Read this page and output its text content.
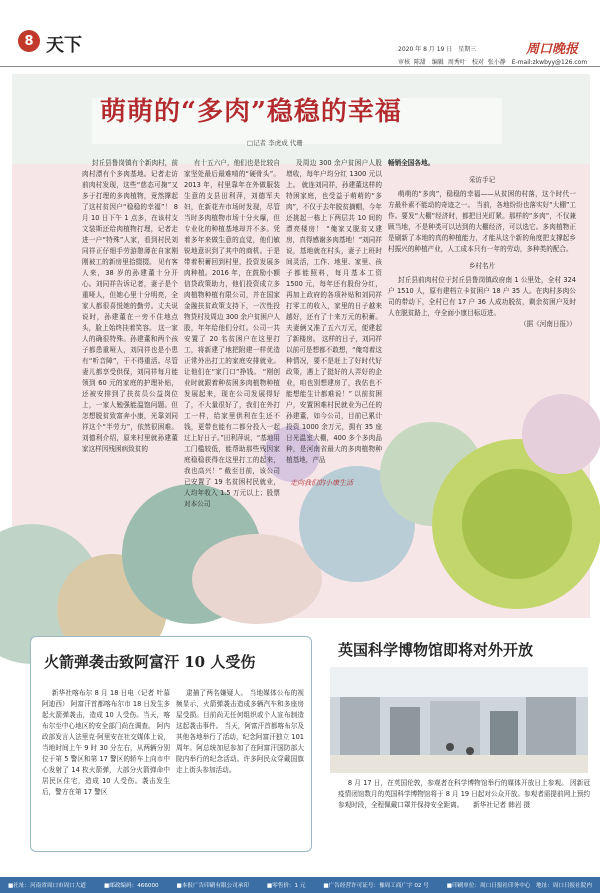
8 天下	2020 年 8 月 19 日　星期三	周口晚报
审核 陈甜　编辑 周秀叶　校对 张小静　E-mail:zkwbyy@126.com
走向我们的小康生活
萌萌的“多肉”稳稳的幸福
□记者 李虎成 代珊
封丘县鲁岗镇有个新肉村，前肉村漂有个多肉基地。记者走访前肉村发现，这些“慈态可掬”又多于打理的多肉植物，竟然撑起了这村贫因户“稳稳的幸福”！ 8 月 10 日下午 1 点多，在该村支文装斯还给肉植物打理，记者走进一户“特殊”人家，看到村民刘同祥正仔细手劳游憩薄在自家刚刚被工的新房里拾掇掇。 见有客人来，38 岁的孙建董十分开心。刘同祥告诉记者，妻子是个重哑人，但她心里十分明亮，全家人都很喜悦她的勤劳。丈夫说说时，孙建董在一旁不住地点头，脸上始终挂着笑容。 这一家人的确很特殊。孙建董和两个孩子都患重哑人，刘同祥也是小患有“听音障”，干不得重活。尽管妻儿都享受供保，刘同祥每月能领到 60 元的家庭的护理补贴，还被安排到了扶贫员公益岗位上，一家人勉强能温饱问题。但怎想脱贫致富奔小康，光靠刘同祥这个“半劳力”，依然很困难。 刘德利介绍，原来村里就孙建董家这样因残困病致贫的
有十五六户，他们也是比较自家坚处最后最难啃的“硬骨头”。 2013 年，村里靠年在外做服装生意的支县田利萍，刘德军夫妇，在新花卉市场时发现，尽管当时多肉植物市场十分火爆，但专业化的种植基地却并不多。凭着多年来做生意的直觉，他们敏锐地意识到了其中的商机。于是带着积蓄回到村里，投资发展多肉种植。2016 年，在鼓励小额信贷政策助力，他们投资成立多肉植物种植有限公司，并在国家金融扶贫政策支持下，一次性投物贷村及周边 300 余户贫困户人股，年年给他们分红。公司一共安置了 20 名贫困户在这里打工，将新建了地把附建一样优造正常外出打工的家庭安排就业。让他们在“家门口”挣钱。 “刚创业时就跟着种贫困多肉植物种植发展起来，现在公司发展得好了，不大量很好了，我们在外打工一样，给家里供利在生还不钱，更带也能有二都分投入一起过上好日子。”田利萍说，“基地用工门槛较低，能帮助那些残因家庭稳稳获得在这里打工的起来，我也高兴！” 截至目前，该公司已安置了 19 名贫困村民就业，人均年收入 1.5 万元以上；股票对本公司
及周边 300 余户贫困户人股增收，每年户均分红 1300 元以上。 就连刘同祥，孙建董这样的特困家庭，也受益于萌萌的“多肉”，不仅于去年脱贫摘帽，今年还挑起一栋上下两层共 10 间的漂亮楼房！ “俺家又脱贫又建房，真得感谢多肉基地！”刘同祥说，基地就在村头，妻子上班时间灵活，工作、地里、家里、孩子都能照料，每月基本工资 1500 元，每年还有股份分红，再加上政府的各项补贴和刘同祥打零工的收入，家里的日子越来越好，还有了十来万元的积蓄。夫妻俩又准了五六万元，便建起了新楼房。 这样的日子，刘同祥以前可是想都不敢想，“俺弯着这种情况，要不是赶上了好时代好政策，遇上了挺好的人弄好的企业，咱也别想建房了，我估也不能想能生计都难说！” 以前贫困户，安置困难村民就业为己任的孙建董，如今公司，目前已累计投资 1000 余万元，拥有 35 座日光温室大棚，400 多个多肉品种，是河南省最大的多肉植物种植基地，产品
畅销全国各地。
采访手记

萌萌的“多肉”，稳稳的幸福——从贫困的村落，这个时代一方最朴素不能动的奇迹之一。 当前，各地纷纷也落实好“大棚”工作。要发“大棚”经济时，都把目光盯紧。那样的“多肉”，不仅兼顾当地，不是种类可以达到的大棚经济，可以选它。多肉植物正是刷新了本地的真的种植能力，才能从这个新的角度把支撑起乡村振兴的种植产业，人工成本只有一年的劳动，多种类的配合。

乡村名片

封丘县前肉村位于封丘县鲁岗镇政府南 1 公里处，全村 324 户 1510 人，原有建档立卡贫困户 18 户 35 人。在肉村多肉公司的带动下，全村已有 17 户 36 人成功脱贫，剩余贫困户及时人在脱贫路上，夺全面小康目标迈进。

（据《河南日报》）
火箭弹袭击致阿富汗 10 人受伤
新华社喀布尔 8 月 18 日电（记者 叶慕 阿迪西） 阿富汗首都喀布尔市 18 日发生多起火箭弹袭击，造成 10 人受伤。当天，喀布尔至中心地区的安全部门尚在调查。 阿内政部发言人法里克·阿里安在社交媒体上说，当地时间上午 9 时 30 分左右，从两辆分别位于第 5 警区和第 17 警区的轿车上向市中心发射了 14 枚火箭弹，大部分火箭弹命中居民区住宅，造成 10 人受伤。袭击发生后，警方在第 17 警区
逮捕了两名嫌疑人。 当地媒体公布的视频显示，火箭弹袭击造成多辆汽车和多座房屋受损。目前尚无任何组织或个人宣布制造这起袭击事件。 当天，阿富汗首都喀布尔及其他各地举行了活动，纪念阿富汗独立 101 周年。阿总统加尼参加了在阿富汗国防部大院内举行的纪念活动。许多阿民众穿戴国旗走上街头参加活动。
英国科学博物馆即将对外开放
8 月 17 日，在英国伦敦，参观者在科学博物馆举行的媒体开放日上参观。 因新冠疫情闭馆数月的英国科学博物馆将于 8 月 19 日起对公众开放。参观者需提前网上预约参观时段，全程佩戴口罩并保持安全距离。　　新华社记者 韩岩 摄
■社址：河南省周口市周口大道	■邮政编码：466000	■本报广告印刷有限公司承印	■零售价：1 元	■广告经营许可证号：豫周工商广字 02 号	■印刷单位：周口日报社印务中心　地址：周口日报社院内
